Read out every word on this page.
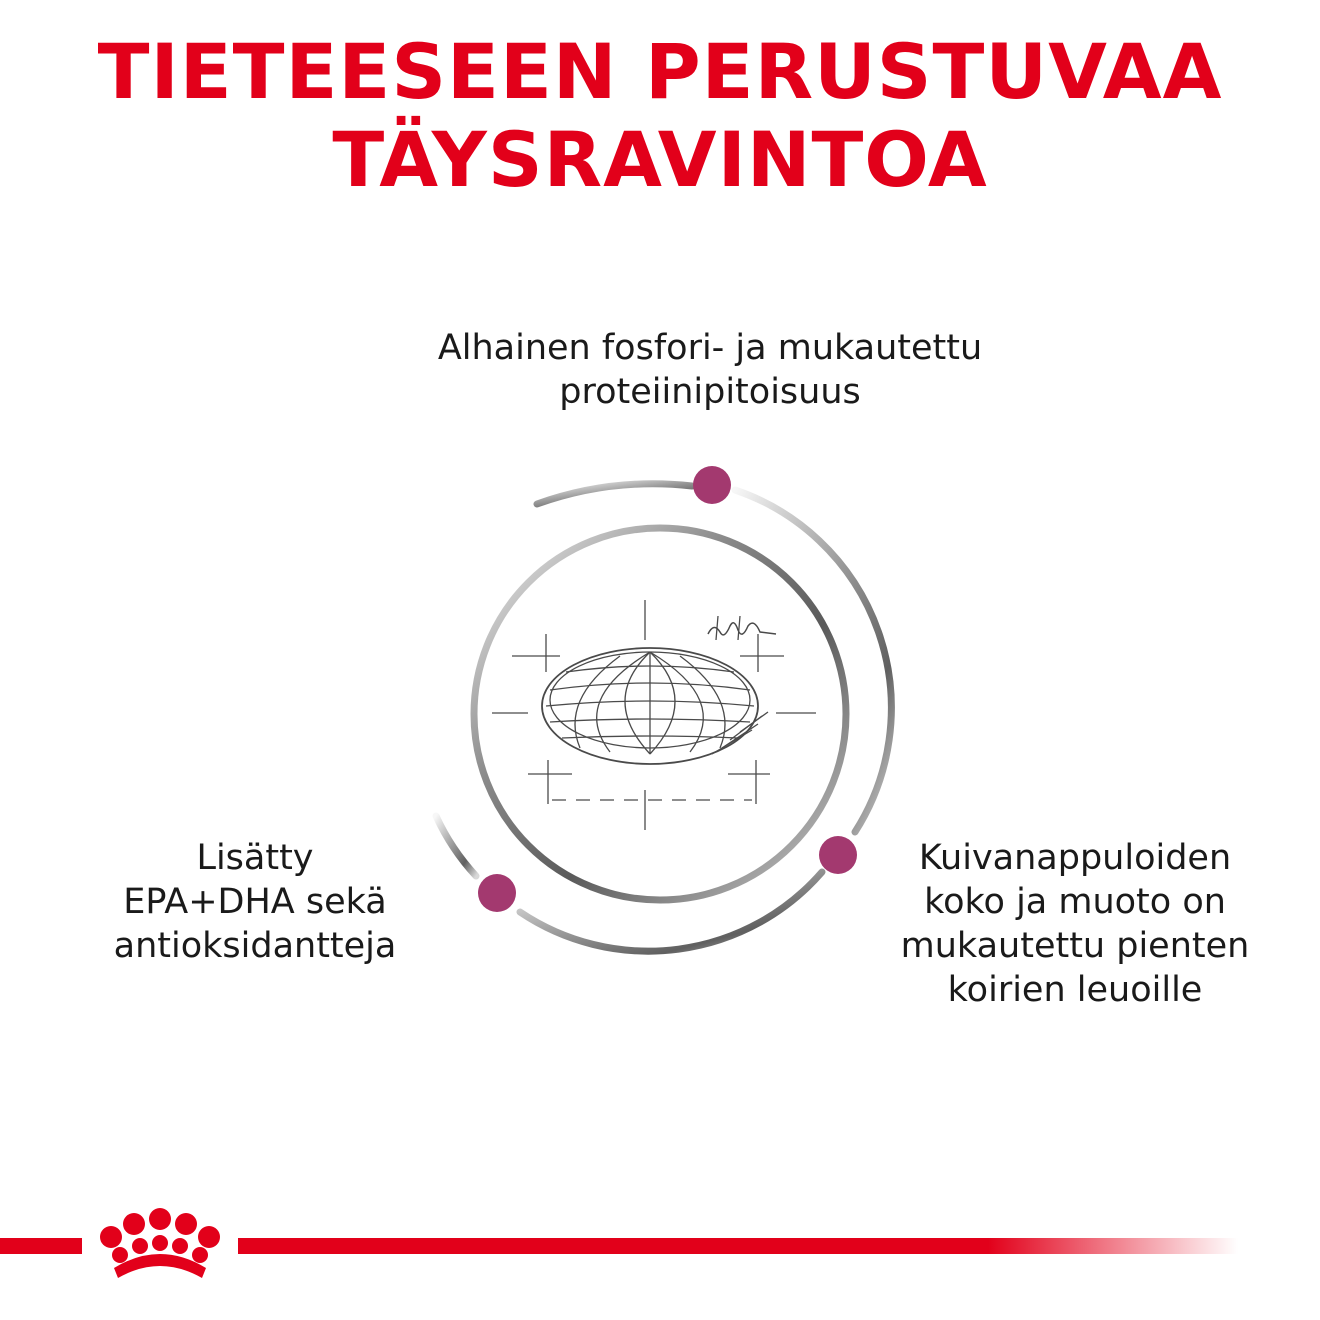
TIETEESEEN PERUSTUVAA
TÄYSRAVINTOA
Alhainen fosfori- ja mukautettu
proteiinipitoisuus
Lisätty
EPA+DHA sekä
antioksidantteja
Kuivanappuloiden
koko ja muoto on
mukautettu pienten
koirien leuoille
